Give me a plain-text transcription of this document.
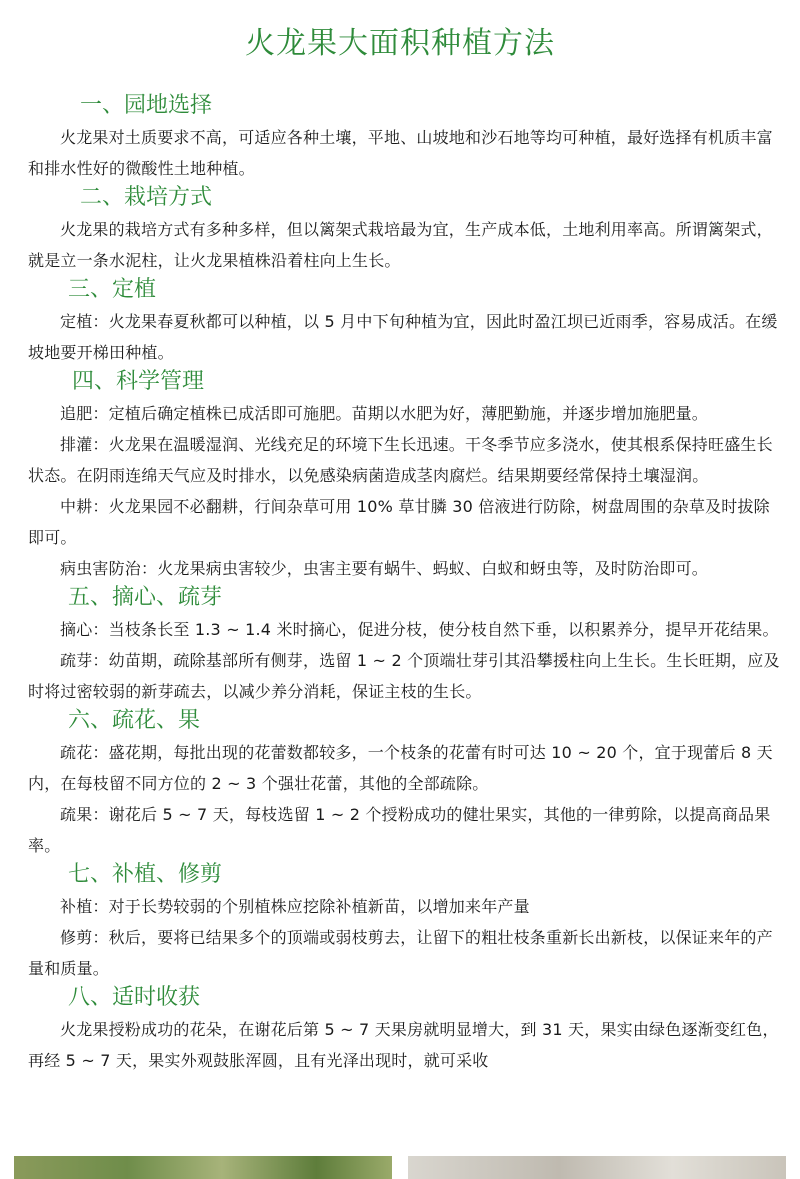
火龙果大面积种植方法
一、园地选择

火龙果对土质要求不高，可适应各种土壤，平地、山坡地和沙石地等均可种植，最好选择有机质丰富和排水性好的微酸性土地种植。

二、栽培方式

火龙果的栽培方式有多种多样，但以篱架式栽培最为宜，生产成本低，土地利用率高。所谓篱架式，就是立一条水泥柱，让火龙果植株沿着柱向上生长。

三、定植

定植：火龙果春夏秋都可以种植，以 5 月中下旬种植为宜，因此时盈江坝已近雨季，容易成活。在缓坡地要开梯田种植。

四、科学管理

追肥：定植后确定植株已成活即可施肥。苗期以水肥为好，薄肥勤施，并逐步增加施肥量。

排灌：火龙果在温暖湿润、光线充足的环境下生长迅速。干冬季节应多浇水，使其根系保持旺盛生长状态。在阴雨连绵天气应及时排水，以免感染病菌造成茎肉腐烂。结果期要经常保持土壤湿润。

中耕：火龙果园不必翻耕，行间杂草可用 10% 草甘膦 30 倍液进行防除，树盘周围的杂草及时拔除即可。

病虫害防治：火龙果病虫害较少，虫害主要有蜗牛、蚂蚁、白蚁和蚜虫等，及时防治即可。

五、摘心、疏芽

摘心：当枝条长至 1.3 ~ 1.4 米时摘心，促进分枝，使分枝自然下垂，以积累养分，提早开花结果。

疏芽：幼苗期，疏除基部所有侧芽，选留 1 ~ 2 个顶端壮芽引其沿攀援柱向上生长。生长旺期，应及时将过密较弱的新芽疏去，以减少养分消耗，保证主枝的生长。

六、疏花、果

疏花：盛花期，每批出现的花蕾数都较多，一个枝条的花蕾有时可达 10 ~ 20 个，宜于现蕾后 8 天内，在每枝留不同方位的 2 ~ 3 个强壮花蕾，其他的全部疏除。

疏果：谢花后 5 ~ 7 天，每枝选留 1 ~ 2 个授粉成功的健壮果实，其他的一律剪除，以提高商品果率。

七、补植、修剪

补植：对于长势较弱的个别植株应挖除补植新苗，以增加来年产量

修剪：秋后，要将已结果多个的顶端或弱枝剪去，让留下的粗壮枝条重新长出新枝，以保证来年的产量和质量。

八、适时收获

火龙果授粉成功的花朵，在谢花后第 5 ~ 7 天果房就明显增大，到 31 天，果实由绿色逐渐变红色，再经 5 ~ 7 天，果实外观鼓胀浑圆，且有光泽出现时，就可采收
